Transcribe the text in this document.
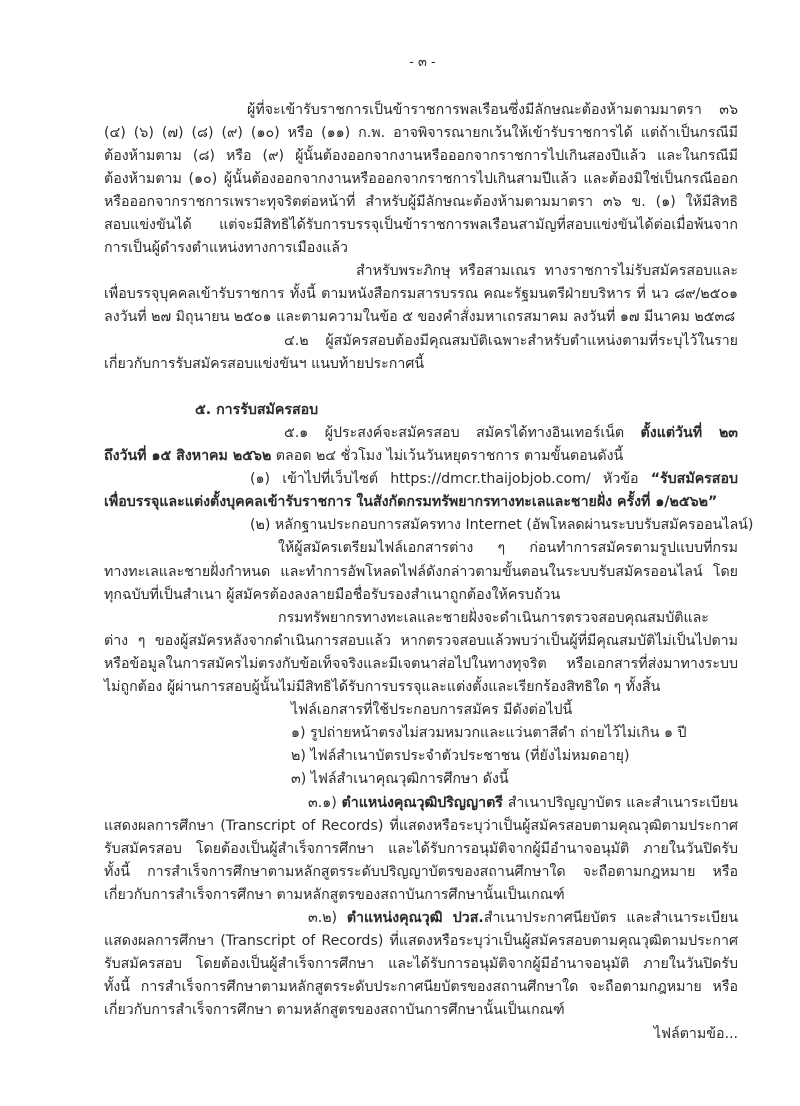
- ๓ -
ผู้ที่จะเข้ารับราชการเป็นข้าราชการพลเรือนซึ่งมีลักษณะต้องห้ามตามมาตรา ๓๖
(๔) (๖) (๗) (๘) (๙) (๑๐) หรือ (๑๑) ก.พ. อาจพิจารณายกเว้นให้เข้ารับราชการได้ แต่ถ้าเป็นกรณีมี
ต้องห้ามตาม (๘) หรือ (๙) ผู้นั้นต้องออกจากงานหรือออกจากราชการไปเกินสองปีแล้ว และในกรณีมี
ต้องห้ามตาม (๑๐) ผู้นั้นต้องออกจากงานหรือออกจากราชการไปเกินสามปีแล้ว และต้องมิใช่เป็นกรณีออก
หรือออกจากราชการเพราะทุจริตต่อหน้าที่ สำหรับผู้มีลักษณะต้องห้ามตามมาตรา ๓๖ ข. (๑) ให้มีสิทธิ
สอบแข่งขันได้ แต่จะมีสิทธิได้รับการบรรจุเป็นข้าราชการพลเรือนสามัญที่สอบแข่งขันได้ต่อเมื่อพ้นจาก
การเป็นผู้ดำรงตำแหน่งทางการเมืองแล้ว
สำหรับพระภิกษุ หรือสามเณร ทางราชการไม่รับสมัครสอบและ
เพื่อบรรจุบุคคลเข้ารับราชการ ทั้งนี้ ตามหนังสือกรมสารบรรณ คณะรัฐมนตรีฝ่ายบริหาร ที่ นว ๘๙/๒๕๐๑
ลงวันที่ ๒๗ มิถุนายน ๒๕๐๑ และตามความในข้อ ๕ ของคำสั่งมหาเถรสมาคม ลงวันที่ ๑๗ มีนาคม ๒๕๓๘
๔.๒ ผู้สมัครสอบต้องมีคุณสมบัติเฉพาะสำหรับตำแหน่งตามที่ระบุไว้ในราย
เกี่ยวกับการรับสมัครสอบแข่งขันฯ แนบท้ายประกาศนี้
๕. การรับสมัครสอบ
๕.๑ ผู้ประสงค์จะสมัครสอบ สมัครได้ทางอินเทอร์เน็ต ตั้งแต่วันที่ ๒๓
ถึงวันที่ ๑๕ สิงหาคม ๒๕๖๒ ตลอด ๒๔ ชั่วโมง ไม่เว้นวันหยุดราชการ ตามขั้นตอนดังนี้
(๑) เข้าไปที่เว็บไซต์ https://dmcr.thaijobjob.com/ หัวข้อ “รับสมัครสอบ
เพื่อบรรจุและแต่งตั้งบุคคลเข้ารับราชการ ในสังกัดกรมทรัพยากรทางทะเลและชายฝั่ง ครั้งที่ ๑/๒๕๖๒”
(๒) หลักฐานประกอบการสมัครทาง Internet (อัพโหลดผ่านระบบรับสมัครออนไลน์)
ให้ผู้สมัครเตรียมไฟล์เอกสารต่าง ๆ ก่อนทำการสมัครตามรูปแบบที่กรม
ทางทะเลและชายฝั่งกำหนด และทำการอัพโหลดไฟล์ดังกล่าวตามขั้นตอนในระบบรับสมัครออนไลน์ โดย
ทุกฉบับที่เป็นสำเนา ผู้สมัครต้องลงลายมือชื่อรับรองสำเนาถูกต้องให้ครบถ้วน
กรมทรัพยากรทางทะเลและชายฝั่งจะดำเนินการตรวจสอบคุณสมบัติและ
ต่าง ๆ ของผู้สมัครหลังจากดำเนินการสอบแล้ว หากตรวจสอบแล้วพบว่าเป็นผู้ที่มีคุณสมบัติไม่เป็นไปตาม
หรือข้อมูลในการสมัครไม่ตรงกับข้อเท็จจริงและมีเจตนาส่อไปในทางทุจริต หรือเอกสารที่ส่งมาทางระบบ
ไม่ถูกต้อง ผู้ผ่านการสอบผู้นั้นไม่มีสิทธิได้รับการบรรจุและแต่งตั้งและเรียกร้องสิทธิใด ๆ ทั้งสิ้น
ไฟล์เอกสารที่ใช้ประกอบการสมัคร มีดังต่อไปนี้
๑) รูปถ่ายหน้าตรงไม่สวมหมวกและแว่นตาสีดำ ถ่ายไว้ไม่เกิน ๑ ปี
๒) ไฟล์สำเนาบัตรประจำตัวประชาชน (ที่ยังไม่หมดอายุ)
๓) ไฟล์สำเนาคุณวุฒิการศึกษา ดังนี้
๓.๑) ตำแหน่งคุณวุฒิปริญญาตรี สำเนาปริญญาบัตร และสำเนาระเบียน
แสดงผลการศึกษา (Transcript of Records) ที่แสดงหรือระบุว่าเป็นผู้สมัครสอบตามคุณวุฒิตามประกาศ
รับสมัครสอบ โดยต้องเป็นผู้สำเร็จการศึกษา และได้รับการอนุมัติจากผู้มีอำนาจอนุมัติ ภายในวันปิดรับ
ทั้งนี้ การสำเร็จการศึกษาตามหลักสูตรระดับปริญญาบัตรของสถานศึกษาใด จะถือตามกฎหมาย หรือ
เกี่ยวกับการสำเร็จการศึกษา ตามหลักสูตรของสถาบันการศึกษานั้นเป็นเกณฑ์
๓.๒) ตำแหน่งคุณวุฒิ ปวส.สำเนาประกาศนียบัตร และสำเนาระเบียน
แสดงผลการศึกษา (Transcript of Records) ที่แสดงหรือระบุว่าเป็นผู้สมัครสอบตามคุณวุฒิตามประกาศ
รับสมัครสอบ โดยต้องเป็นผู้สำเร็จการศึกษา และได้รับการอนุมัติจากผู้มีอำนาจอนุมัติ ภายในวันปิดรับ
ทั้งนี้ การสำเร็จการศึกษาตามหลักสูตรระดับประกาศนียบัตรของสถานศึกษาใด จะถือตามกฎหมาย หรือ
เกี่ยวกับการสำเร็จการศึกษา ตามหลักสูตรของสถาบันการศึกษานั้นเป็นเกณฑ์
ไฟล์ตามข้อ...
